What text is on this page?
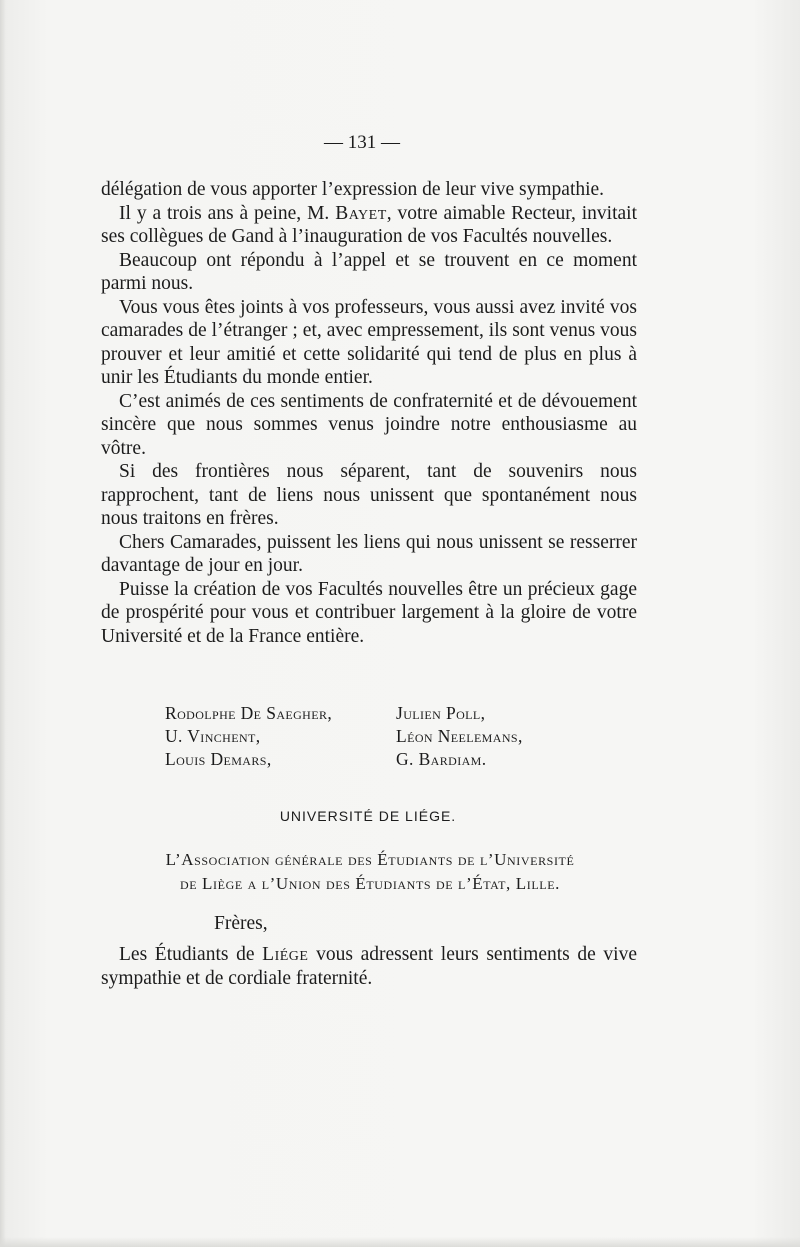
— 131 —

délégation de vous apporter l’expression de leur vive sympathie.

Il y a trois ans à peine, M. Bayet, votre aimable Recteur, invitait ses collègues de Gand à l’inauguration de vos Facultés nouvelles.

Beaucoup ont répondu à l’appel et se trouvent en ce moment parmi nous.

Vous vous êtes joints à vos professeurs, vous aussi avez invité vos camarades de l’étranger ; et, avec empressement, ils sont venus vous prouver et leur amitié et cette solidarité qui tend de plus en plus à unir les Étudiants du monde entier.

C’est animés de ces sentiments de confraternité et de dévouement sincère que nous sommes venus joindre notre enthousiasme au vôtre.

Si des frontières nous séparent, tant de souvenirs nous rapprochent, tant de liens nous unissent que spontanément nous nous traitons en frères.

Chers Camarades, puissent les liens qui nous unissent se resserrer davantage de jour en jour.

Puisse la création de vos Facultés nouvelles être un précieux gage de prospérité pour vous et contribuer largement à la gloire de votre Université et de la France entière.

Rodolphe De Saegher,	Julien Poll,
U. Vinchent,	Léon Neelemans,
Louis Demars,	G. Bardiam.
UNIVERSITÉ DE LIÉGE.
L’Association générale des Étudiants de l’Université
de Liège a l’Union des Étudiants de l’État, Lille.
Frères,

Les Étudiants de Liége vous adressent leurs sentiments de vive sympathie et de cordiale fraternité.
